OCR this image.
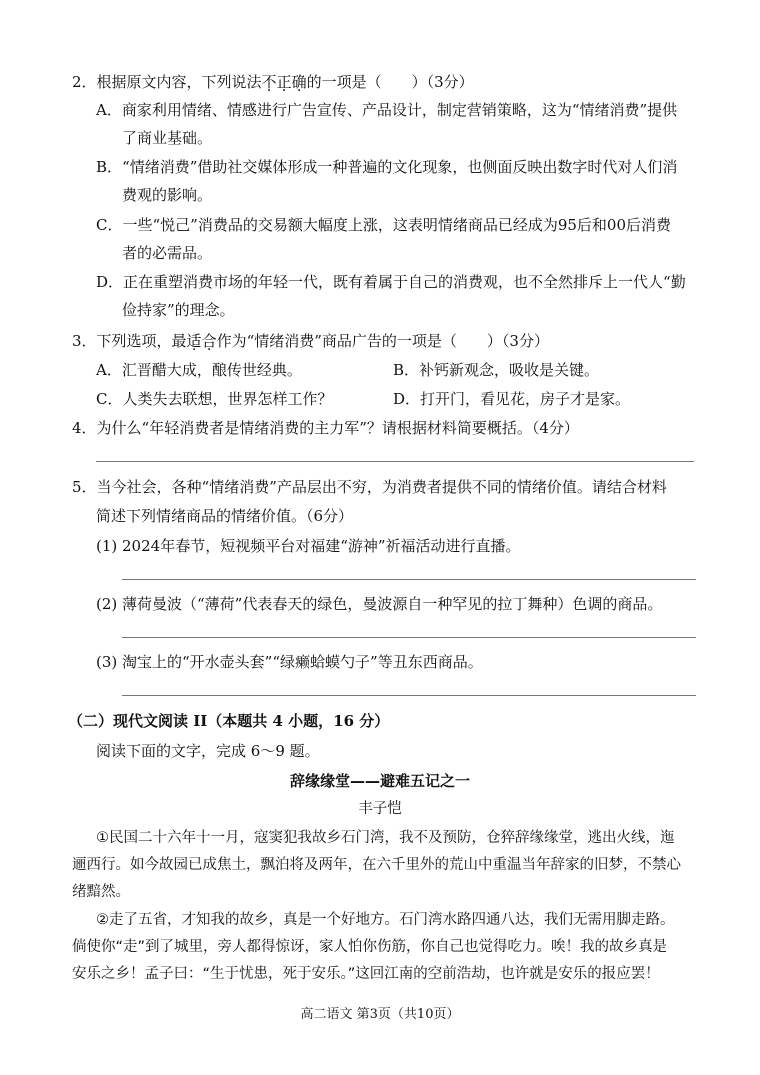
2．根据原文内容，下列说法不正确的一项是（　　）（3分）
A．商家利用情绪、情感进行广告宣传、产品设计，制定营销策略，这为“情绪消费”提供
了商业基础。
B．“情绪消费”借助社交媒体形成一种普遍的文化现象，也侧面反映出数字时代对人们消
费观的影响。
C．一些“悦己”消费品的交易额大幅度上涨，这表明情绪商品已经成为95后和00后消费
者的必需品。
D．正在重塑消费市场的年轻一代，既有着属于自己的消费观，也不全然排斥上一代人“勤
俭持家”的理念。
3．下列选项，最适合作为“情绪消费”商品广告的一项是（　　）（3分）
A．汇晋醋大成，酿传世经典。	B．补钙新观念，吸收是关键。
C．人类失去联想，世界怎样工作？	D．打开门，看见花，房子才是家。
4．为什么“年轻消费者是情绪消费的主力军”？请根据材料简要概括。（4分）
5．当今社会，各种“情绪消费”产品层出不穷，为消费者提供不同的情绪价值。请结合材料
简述下列情绪商品的情绪价值。（6分）
(1) 2024年春节，短视频平台对福建“游神”祈福活动进行直播。
(2) 薄荷曼波（“薄荷”代表春天的绿色，曼波源自一种罕见的拉丁舞种）色调的商品。
(3) 淘宝上的“开水壶头套”“绿癞蛤蟆勺子”等丑东西商品。
（二）现代文阅读 II（本题共 4 小题，16 分）
阅读下面的文字，完成 6～9 题。
辞缘缘堂——避难五记之一
丰子恺
①民国二十六年十一月，寇窦犯我故乡石门湾，我不及预防，仓猝辞缘缘堂，逃出火线，迤
逦西行。如今故园已成焦土，飘泊将及两年，在六千里外的荒山中重温当年辞家的旧梦，不禁心
绪黯然。
②走了五省，才知我的故乡，真是一个好地方。石门湾水路四通八达，我们无需用脚走路。
倘使你“走”到了城里，旁人都得惊讶，家人怕你伤筋，你自己也觉得吃力。唉！我的故乡真是
安乐之乡！孟子曰：“生于忧患，死于安乐。”这回江南的空前浩劫，也许就是安乐的报应罢！
高二语文 第3页（共10页）
